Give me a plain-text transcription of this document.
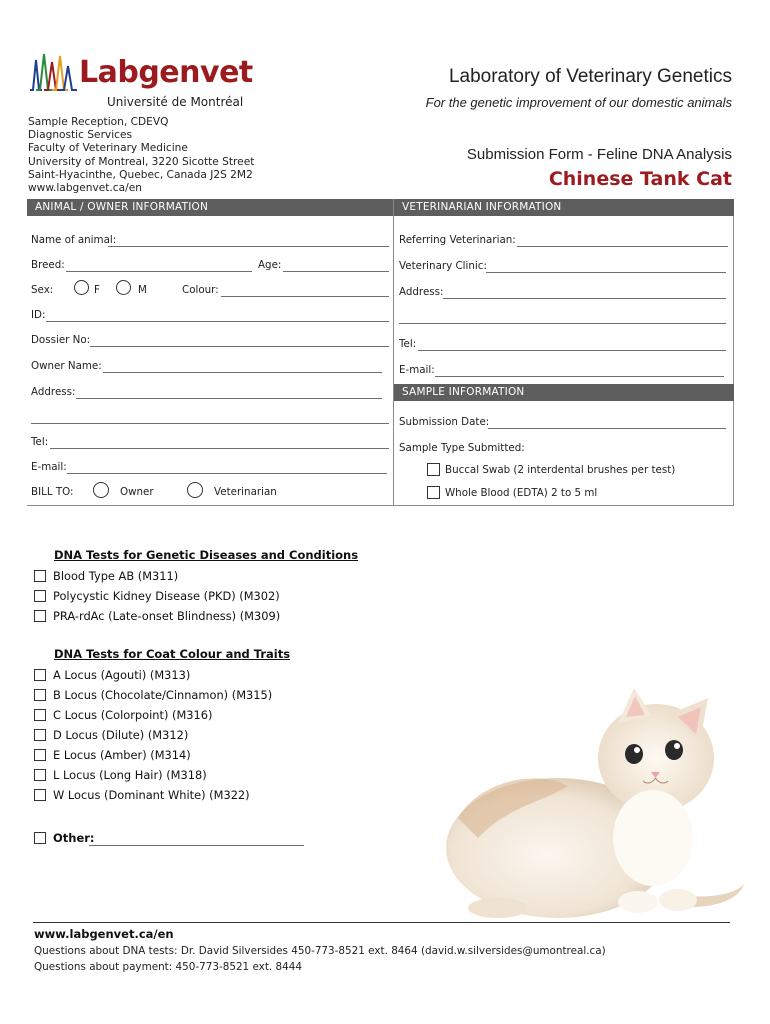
Labgenvet
Université de Montréal
Laboratory of Veterinary Genetics
For the genetic improvement of our domestic animals
Sample Reception, CDEVQ
Diagnostic Services
Faculty of Veterinary Medicine
University of Montreal, 3220 Sicotte Street
Saint-Hyacinthe, Quebec, Canada J2S 2M2
www.labgenvet.ca/en
Submission Form - Feline DNA Analysis
Chinese Tank Cat
ANIMAL / OWNER INFORMATION	VETERINARIAN INFORMATION
Name of animal:
Breed:	Age:
Sex:	F	M	Colour:
ID:
Dossier No:
Owner Name:
Address:
Tel:
E-mail:
BILL TO:	Owner	Veterinarian
Referring Veterinarian:
Veterinary Clinic:
Address:
Tel:
E-mail:
SAMPLE INFORMATION
Submission Date:
Sample Type Submitted:
Buccal Swab (2 interdental brushes per test)
Whole Blood (EDTA) 2 to 5 ml
DNA Tests for Genetic Diseases and Conditions
Blood Type AB (M311)
Polycystic Kidney Disease (PKD) (M302)
PRA-rdAc (Late-onset Blindness) (M309)
DNA Tests for Coat Colour and Traits
A Locus (Agouti) (M313)
B Locus (Chocolate/Cinnamon) (M315)
C Locus (Colorpoint) (M316)
D Locus (Dilute) (M312)
E Locus (Amber) (M314)
L Locus (Long Hair) (M318)
W Locus (Dominant White) (M322)
Other:
www.labgenvet.ca/en
Questions about DNA tests: Dr. David Silversides 450-773-8521 ext. 8464 (david.w.silversides@umontreal.ca)
Questions about payment: 450-773-8521 ext. 8444
